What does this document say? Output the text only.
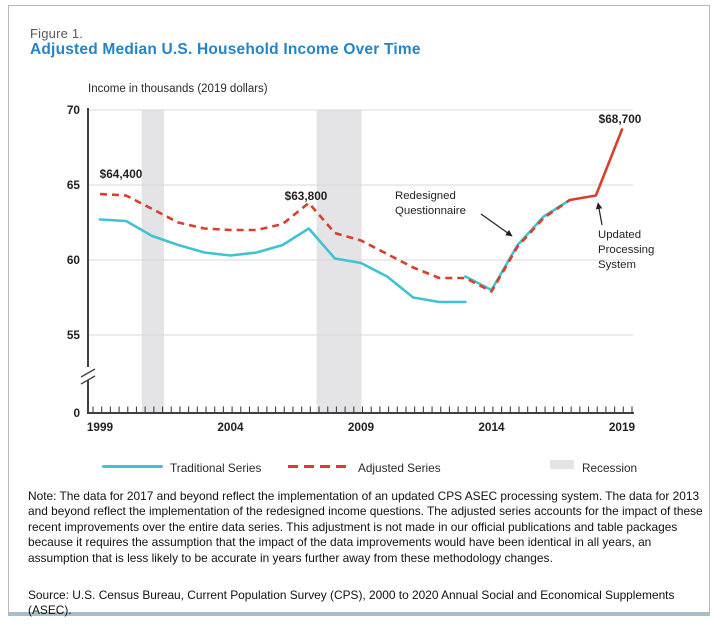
Figure 1.
Adjusted Median U.S. Household Income Over Time
Income in thousands (2019 dollars)
70
65
60
55
0
1999	2004	2009	2014	2019
$64,400
$63,800
$68,700
Redesigned
Questionnaire
Updated
Processing
System
Traditional Series	Adjusted Series	Recession

Note: The data for 2017 and beyond reflect the implementation of an updated CPS ASEC processing system. The data for 2013 and beyond reflect the implementation of the redesigned income questions. The adjusted series accounts for the impact of these recent improvements over the entire data series. This adjustment is not made in our official publications and table packages because it requires the assumption that the impact of the data improvements would have been identical in all years, an assumption that is less likely to be accurate in years further away from these methodology changes.

Source: U.S. Census Bureau, Current Population Survey (CPS), 2000 to 2020 Annual Social and Economical Supplements (ASEC).
